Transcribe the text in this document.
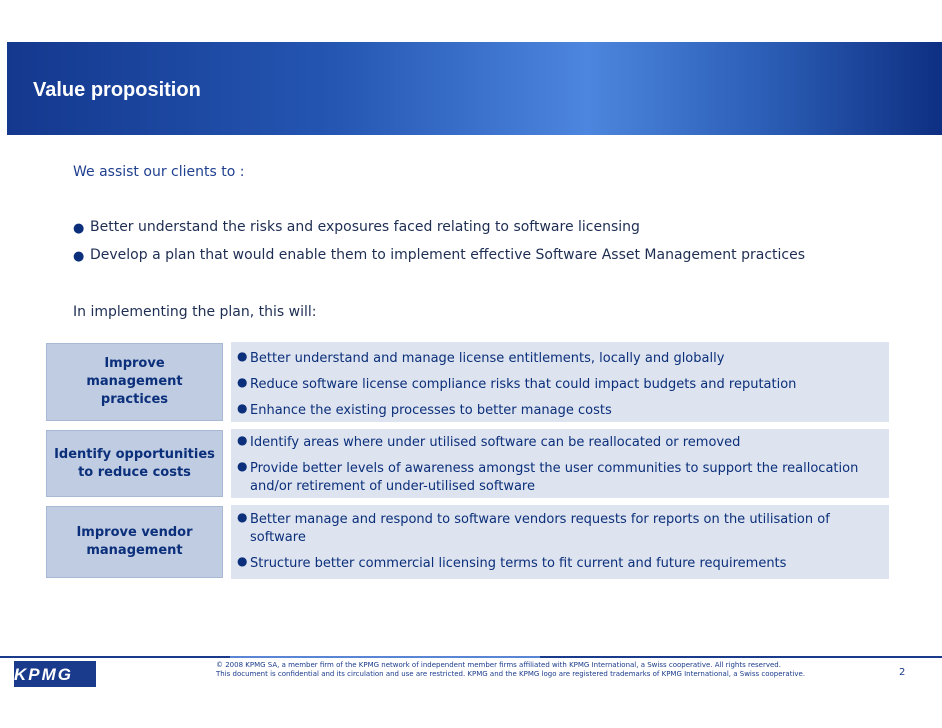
Value proposition
We assist our clients to :
● Better understand the risks and exposures faced relating to software licensing
● Develop a plan that would enable them to implement effective Software Asset Management practices
In implementing the plan, this will:
Improve management practices
● Better understand and manage license entitlements, locally and globally
● Reduce software license compliance risks that could impact budgets and reputation
● Enhance the existing processes to better manage costs
Identify opportunities to reduce costs
● Identify areas where under utilised software can be reallocated or removed
● Provide better levels of awareness amongst the user communities to support the reallocation and/or retirement of under-utilised software
Improve vendor management
● Better manage and respond to software vendors requests for reports on the utilisation of software
● Structure better commercial licensing terms to fit current and future requirements
KPMG	© 2008 KPMG SA, a member firm of the KPMG network of independent member firms affiliated with KPMG International, a Swiss cooperative. All rights reserved.
This document is confidential and its circulation and use are restricted. KPMG and the KPMG logo are registered trademarks of KPMG International, a Swiss cooperative.	2
